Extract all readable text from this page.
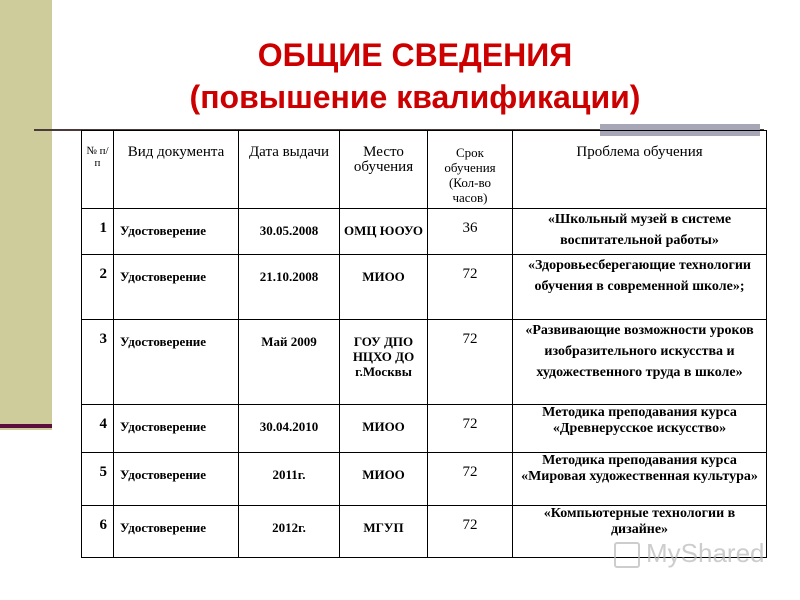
ОБЩИЕ СВЕДЕНИЯ
(повышение квалификации)
№ п/п	Вид документа	Дата выдачи	Место обучения	Срок обучения (Кол-во часов)	Проблема обучения
1	Удостоверение	30.05.2008	ОМЦ ЮОУО	36	«Школьный музей в системе воспитательной работы»
2	Удостоверение	21.10.2008	МИОО	72	«Здоровьесберегающие технологии обучения в современной школе»;
3	Удостоверение	Май 2009	ГОУ ДПО НЦХО ДО г.Москвы	72	«Развивающие возможности уроков изобразительного искусства и художественного труда в школе»
4	Удостоверение	30.04.2010	МИОО	72	Методика преподавания курса «Древнерусское искусство»
5	Удостоверение	2011г.	МИОО	72	Методика преподавания курса «Мировая художественная культура»
6	Удостоверение	2012г.	МГУП	72	«Компьютерные технологии в дизайне»
MyShared
